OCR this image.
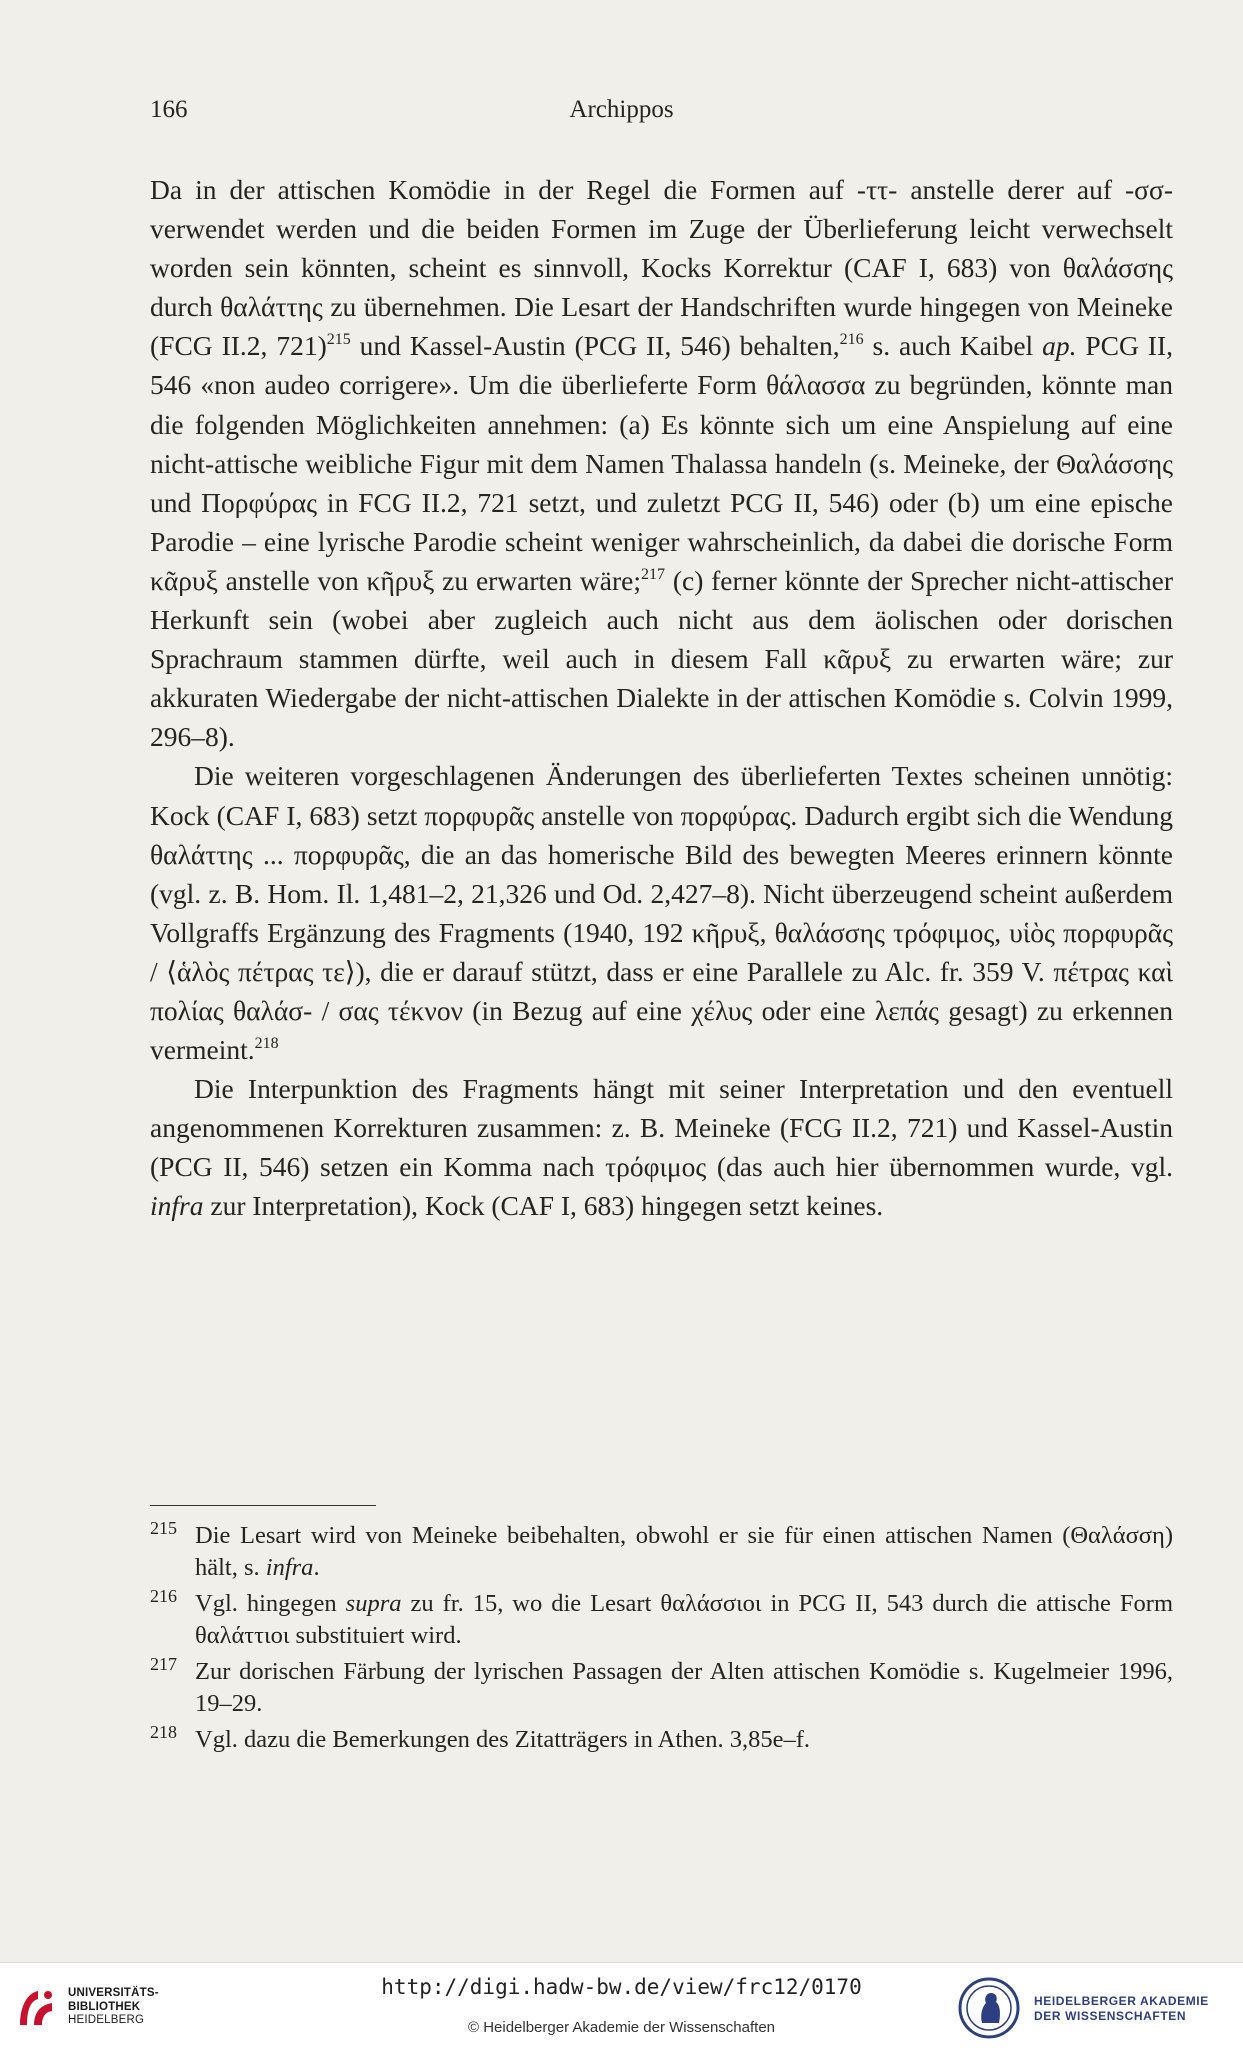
166	Archippos

Da in der attischen Komödie in der Regel die Formen auf -ττ- anstelle derer auf -σσ- verwendet werden und die beiden Formen im Zuge der Überlieferung leicht verwechselt worden sein könnten, scheint es sinnvoll, Kocks Korrektur (CAF I, 683) von θαλάσσης durch θαλάττης zu übernehmen. Die Lesart der Handschriften wurde hingegen von Meineke (FCG II.2, 721)$^{215}$ und Kassel-Austin (PCG II, 546) behalten,$^{216}$ s. auch Kaibel ap. PCG II, 546 «non audeo corrigere». Um die überlieferte Form θάλασσα zu begründen, könnte man die folgenden Möglichkeiten annehmen: (a) Es könnte sich um eine Anspielung auf eine nicht-attische weibliche Figur mit dem Namen Thalassa handeln (s. Meineke, der Θαλάσσης und Πορφύρας in FCG II.2, 721 setzt, und zuletzt PCG II, 546) oder (b) um eine epische Parodie – eine lyrische Parodie scheint weniger wahrscheinlich, da dabei die dorische Form κᾶρυξ anstelle von κῆρυξ zu erwarten wäre;$^{217}$ (c) ferner könnte der Sprecher nicht-attischer Herkunft sein (wobei aber zugleich auch nicht aus dem äolischen oder dorischen Sprachraum stammen dürfte, weil auch in diesem Fall κᾶρυξ zu erwarten wäre; zur akkuraten Wiedergabe der nicht-attischen Dialekte in der attischen Komödie s. Colvin 1999, 296–8).

Die weiteren vorgeschlagenen Änderungen des überlieferten Textes scheinen unnötig: Kock (CAF I, 683) setzt πορφυρᾶς anstelle von πορφύρας. Dadurch ergibt sich die Wendung θαλάττης ... πορφυρᾶς, die an das homerische Bild des bewegten Meeres erinnern könnte (vgl. z. B. Hom. Il. 1,481–2, 21,326 und Od. 2,427–8). Nicht überzeugend scheint außerdem Vollgraffs Ergänzung des Fragments (1940, 192 κῆρυξ, θαλάσσης τρόφιμος, υἱὸς πορφυρᾶς / ⟨ἁλὸς πέτρας τε⟩), die er darauf stützt, dass er eine Parallele zu Alc. fr. 359 V. πέτρας καὶ πολίας θαλάσ- / σας τέκνον (in Bezug auf eine χέλυς oder eine λεπάς gesagt) zu erkennen vermeint.$^{218}$

Die Interpunktion des Fragments hängt mit seiner Interpretation und den eventuell angenommenen Korrekturen zusammen: z. B. Meineke (FCG II.2, 721) und Kassel-Austin (PCG II, 546) setzen ein Komma nach τρόφιμος (das auch hier übernommen wurde, vgl. infra zur Interpretation), Kock (CAF I, 683) hingegen setzt keines.

215 Die Lesart wird von Meineke beibehalten, obwohl er sie für einen attischen Namen (Θαλάσση) hält, s. infra.

216 Vgl. hingegen supra zu fr. 15, wo die Lesart θαλάσσιοι in PCG II, 543 durch die attische Form θαλάττιοι substituiert wird.

217 Zur dorischen Färbung der lyrischen Passagen der Alten attischen Komödie s. Kugelmeier 1996, 19–29.

218 Vgl. dazu die Bemerkungen des Zitatträgers in Athen. 3,85e–f.

UNIVERSITÄTS-
BIBLIOTHEK
HEIDELBERG
http://digi.hadw-bw.de/view/frc12/0170
© Heidelberger Akademie der Wissenschaften
HEIDELBERGER AKADEMIE
DER WISSENSCHAFTEN
